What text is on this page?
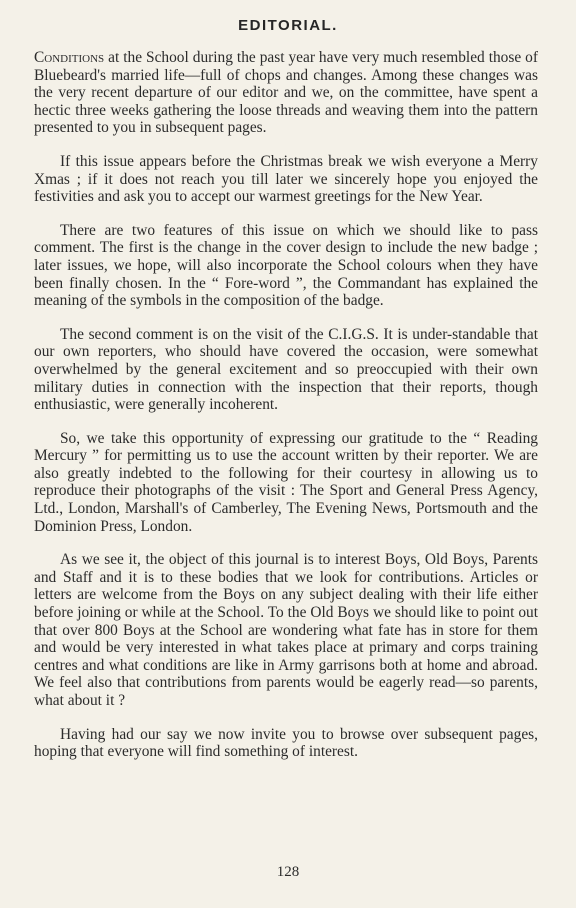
EDITORIAL.

Conditions at the School during the past year have very much resembled those of Bluebeard's married life—full of chops and changes. Among these changes was the very recent departure of our editor and we, on the committee, have spent a hectic three weeks gathering the loose threads and weaving them into the pattern presented to you in subsequent pages.

If this issue appears before the Christmas break we wish everyone a Merry Xmas ; if it does not reach you till later we sincerely hope you enjoyed the festivities and ask you to accept our warmest greetings for the New Year.

There are two features of this issue on which we should like to pass comment. The first is the change in the cover design to include the new badge ; later issues, we hope, will also incorporate the School colours when they have been finally chosen. In the “ Fore-word ”, the Commandant has explained the meaning of the symbols in the composition of the badge.

The second comment is on the visit of the C.I.G.S. It is under-standable that our own reporters, who should have covered the occasion, were somewhat overwhelmed by the general excitement and so preoccupied with their own military duties in connection with the inspection that their reports, though enthusiastic, were generally incoherent.

So, we take this opportunity of expressing our gratitude to the “ Reading Mercury ” for permitting us to use the account written by their reporter. We are also greatly indebted to the following for their courtesy in allowing us to reproduce their photographs of the visit : The Sport and General Press Agency, Ltd., London, Marshall's of Camberley, The Evening News, Portsmouth and the Dominion Press, London.

As we see it, the object of this journal is to interest Boys, Old Boys, Parents and Staff and it is to these bodies that we look for contributions. Articles or letters are welcome from the Boys on any subject dealing with their life either before joining or while at the School. To the Old Boys we should like to point out that over 800 Boys at the School are wondering what fate has in store for them and would be very interested in what takes place at primary and corps training centres and what conditions are like in Army garrisons both at home and abroad. We feel also that contributions from parents would be eagerly read—so parents, what about it ?

Having had our say we now invite you to browse over subsequent pages, hoping that everyone will find something of interest.

128
